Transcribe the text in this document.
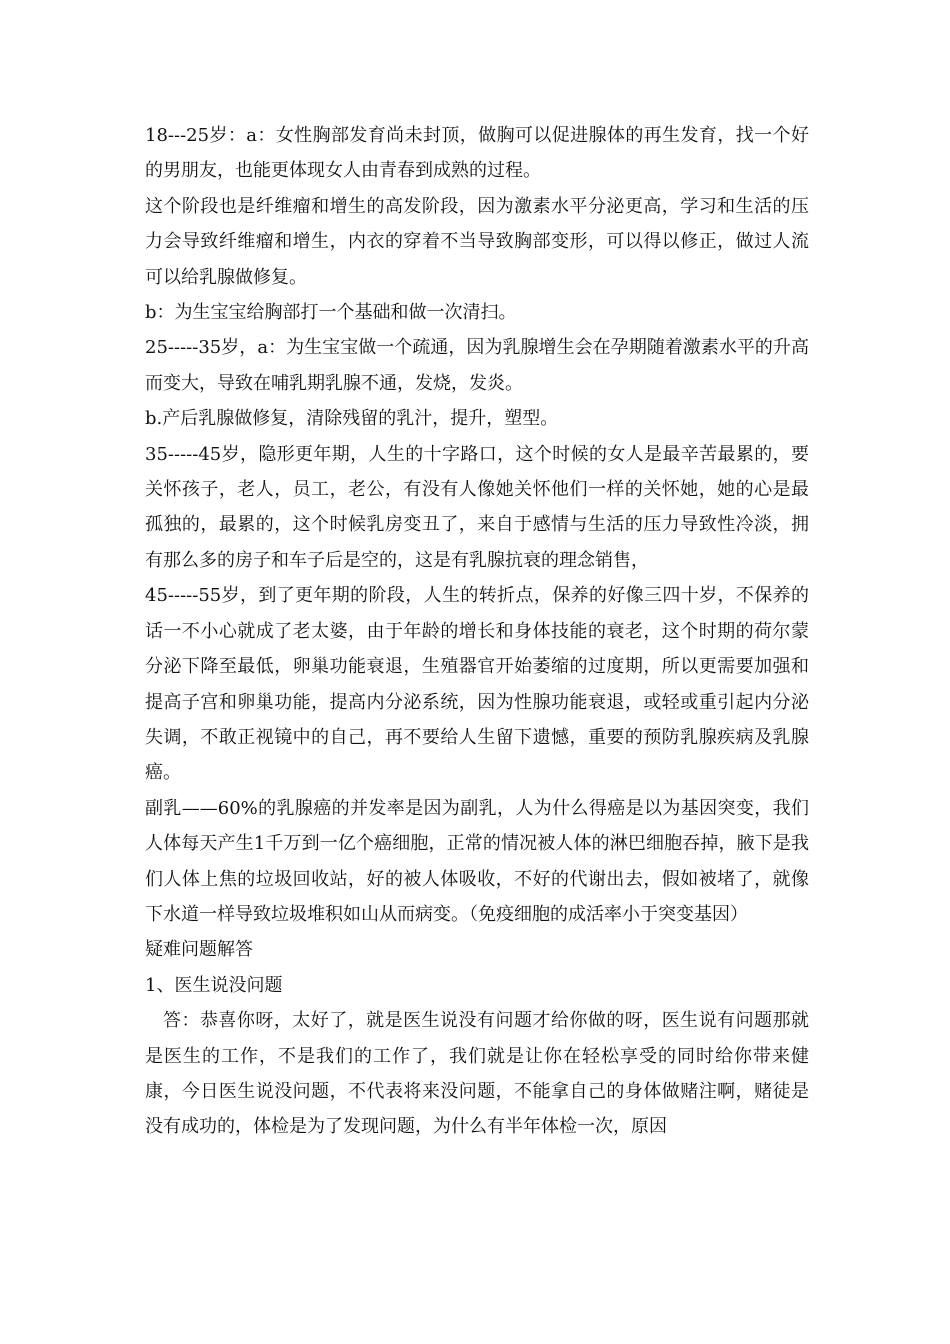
18---25岁：a：女性胸部发育尚未封顶，做胸可以促进腺体的再生发育，找一个好的男朋友，也能更体现女人由青春到成熟的过程。

这个阶段也是纤维瘤和增生的高发阶段，因为激素水平分泌更高，学习和生活的压力会导致纤维瘤和增生，内衣的穿着不当导致胸部变形，可以得以修正，做过人流可以给乳腺做修复。

b：为生宝宝给胸部打一个基础和做一次清扫。

25-----35岁，a：为生宝宝做一个疏通，因为乳腺增生会在孕期随着激素水平的升高而变大，导致在哺乳期乳腺不通，发烧，发炎。

b.产后乳腺做修复，清除残留的乳汁，提升，塑型。

35-----45岁，隐形更年期，人生的十字路口，这个时候的女人是最辛苦最累的，要关怀孩子，老人，员工，老公，有没有人像她关怀他们一样的关怀她，她的心是最孤独的，最累的，这个时候乳房变丑了，来自于感情与生活的压力导致性冷淡，拥有那么多的房子和车子后是空的，这是有乳腺抗衰的理念销售，

45-----55岁，到了更年期的阶段，人生的转折点，保养的好像三四十岁，不保养的话一不小心就成了老太婆，由于年龄的增长和身体技能的衰老，这个时期的荷尔蒙分泌下降至最低，卵巢功能衰退，生殖器官开始萎缩的过度期，所以更需要加强和提高子宫和卵巢功能，提高内分泌系统，因为性腺功能衰退，或轻或重引起内分泌失调，不敢正视镜中的自己，再不要给人生留下遗憾，重要的预防乳腺疾病及乳腺癌。

副乳——60%的乳腺癌的并发率是因为副乳，人为什么得癌是以为基因突变，我们人体每天产生1千万到一亿个癌细胞，正常的情况被人体的淋巴细胞吞掉，腋下是我们人体上焦的垃圾回收站，好的被人体吸收，不好的代谢出去，假如被堵了，就像下水道一样导致垃圾堆积如山从而病变。（免疫细胞的成活率小于突变基因）

疑难问题解答

1、医生说没问题

答：恭喜你呀，太好了，就是医生说没有问题才给你做的呀，医生说有问题那就是医生的工作，不是我们的工作了，我们就是让你在轻松享受的同时给你带来健康，今日医生说没问题，不代表将来没问题，不能拿自己的身体做赌注啊，赌徒是没有成功的，体检是为了发现问题，为什么有半年体检一次，原因
